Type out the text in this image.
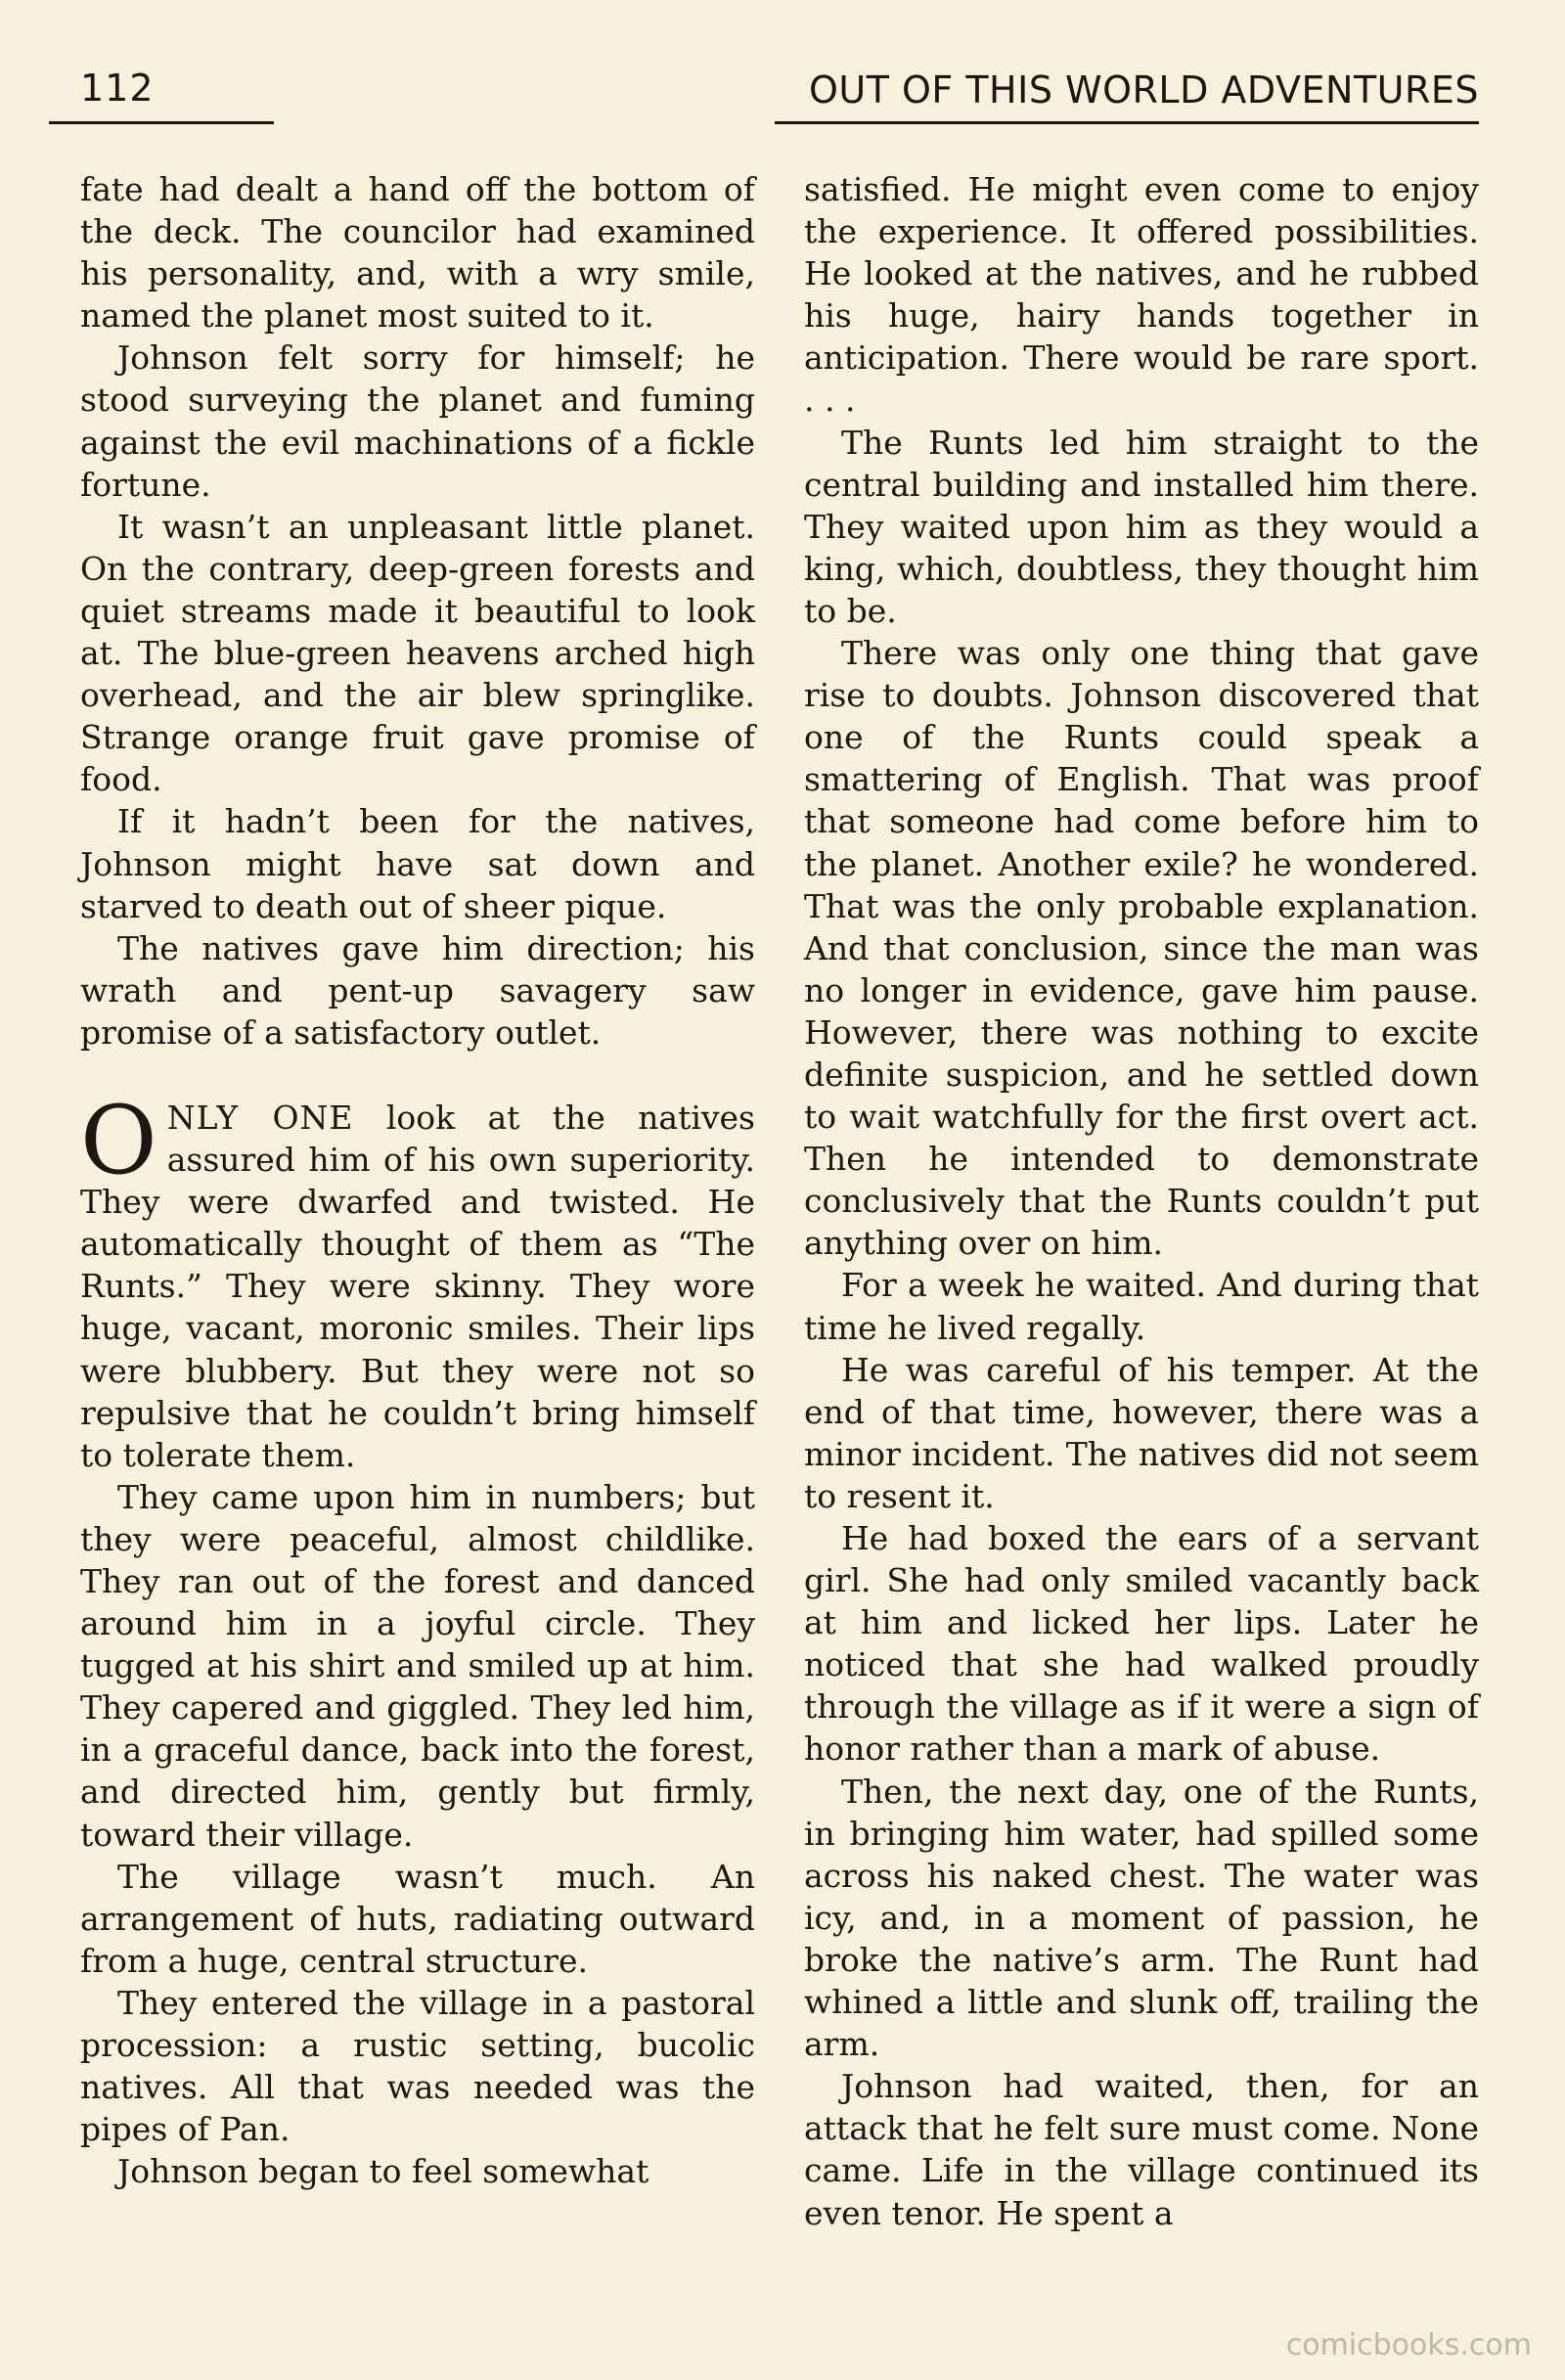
112	OUT OF THIS WORLD ADVENTURES

fate had dealt a hand off the bottom of the deck. The councilor had examined his personality, and, with a wry smile, named the planet most suited to it.

Johnson felt sorry for himself; he stood surveying the planet and fuming against the evil machinations of a fickle fortune.

It wasn’t an unpleasant little planet. On the contrary, deep-green forests and quiet streams made it beautiful to look at. The blue-green heavens arched high overhead, and the air blew springlike. Strange orange fruit gave promise of food.

If it hadn’t been for the natives, Johnson might have sat down and starved to death out of sheer pique.

The natives gave him direction; his wrath and pent-up savagery saw promise of a satisfactory outlet.

ONLY ONE look at the natives assured him of his own superiority. They were dwarfed and twisted. He automatically thought of them as “The Runts.” They were skinny. They wore huge, vacant, moronic smiles. Their lips were blubbery. But they were not so repulsive that he couldn’t bring himself to tolerate them.

They came upon him in numbers; but they were peaceful, almost childlike. They ran out of the forest and danced around him in a joyful circle. They tugged at his shirt and smiled up at him. They capered and giggled. They led him, in a graceful dance, back into the forest, and directed him, gently but firmly, toward their village.

The village wasn’t much. An arrangement of huts, radiating outward from a huge, central structure.

They entered the village in a pastoral procession: a rustic setting, bucolic natives. All that was needed was the pipes of Pan.

Johnson began to feel somewhat

satisfied. He might even come to enjoy the experience. It offered possibilities. He looked at the natives, and he rubbed his huge, hairy hands together in anticipation. There would be rare sport. . . .

The Runts led him straight to the central building and installed him there. They waited upon him as they would a king, which, doubtless, they thought him to be.

There was only one thing that gave rise to doubts. Johnson discovered that one of the Runts could speak a smattering of English. That was proof that someone had come before him to the planet. Another exile? he wondered. That was the only probable explanation. And that conclusion, since the man was no longer in evidence, gave him pause. However, there was nothing to excite definite suspicion, and he settled down to wait watchfully for the first overt act. Then he intended to demonstrate conclusively that the Runts couldn’t put anything over on him.

For a week he waited. And during that time he lived regally.

He was careful of his temper. At the end of that time, however, there was a minor incident. The natives did not seem to resent it.

He had boxed the ears of a servant girl. She had only smiled vacantly back at him and licked her lips. Later he noticed that she had walked proudly through the village as if it were a sign of honor rather than a mark of abuse.

Then, the next day, one of the Runts, in bringing him water, had spilled some across his naked chest. The water was icy, and, in a moment of passion, he broke the native’s arm. The Runt had whined a little and slunk off, trailing the arm.

Johnson had waited, then, for an attack that he felt sure must come. None came. Life in the village continued its even tenor. He spent a

comicbooks.com
